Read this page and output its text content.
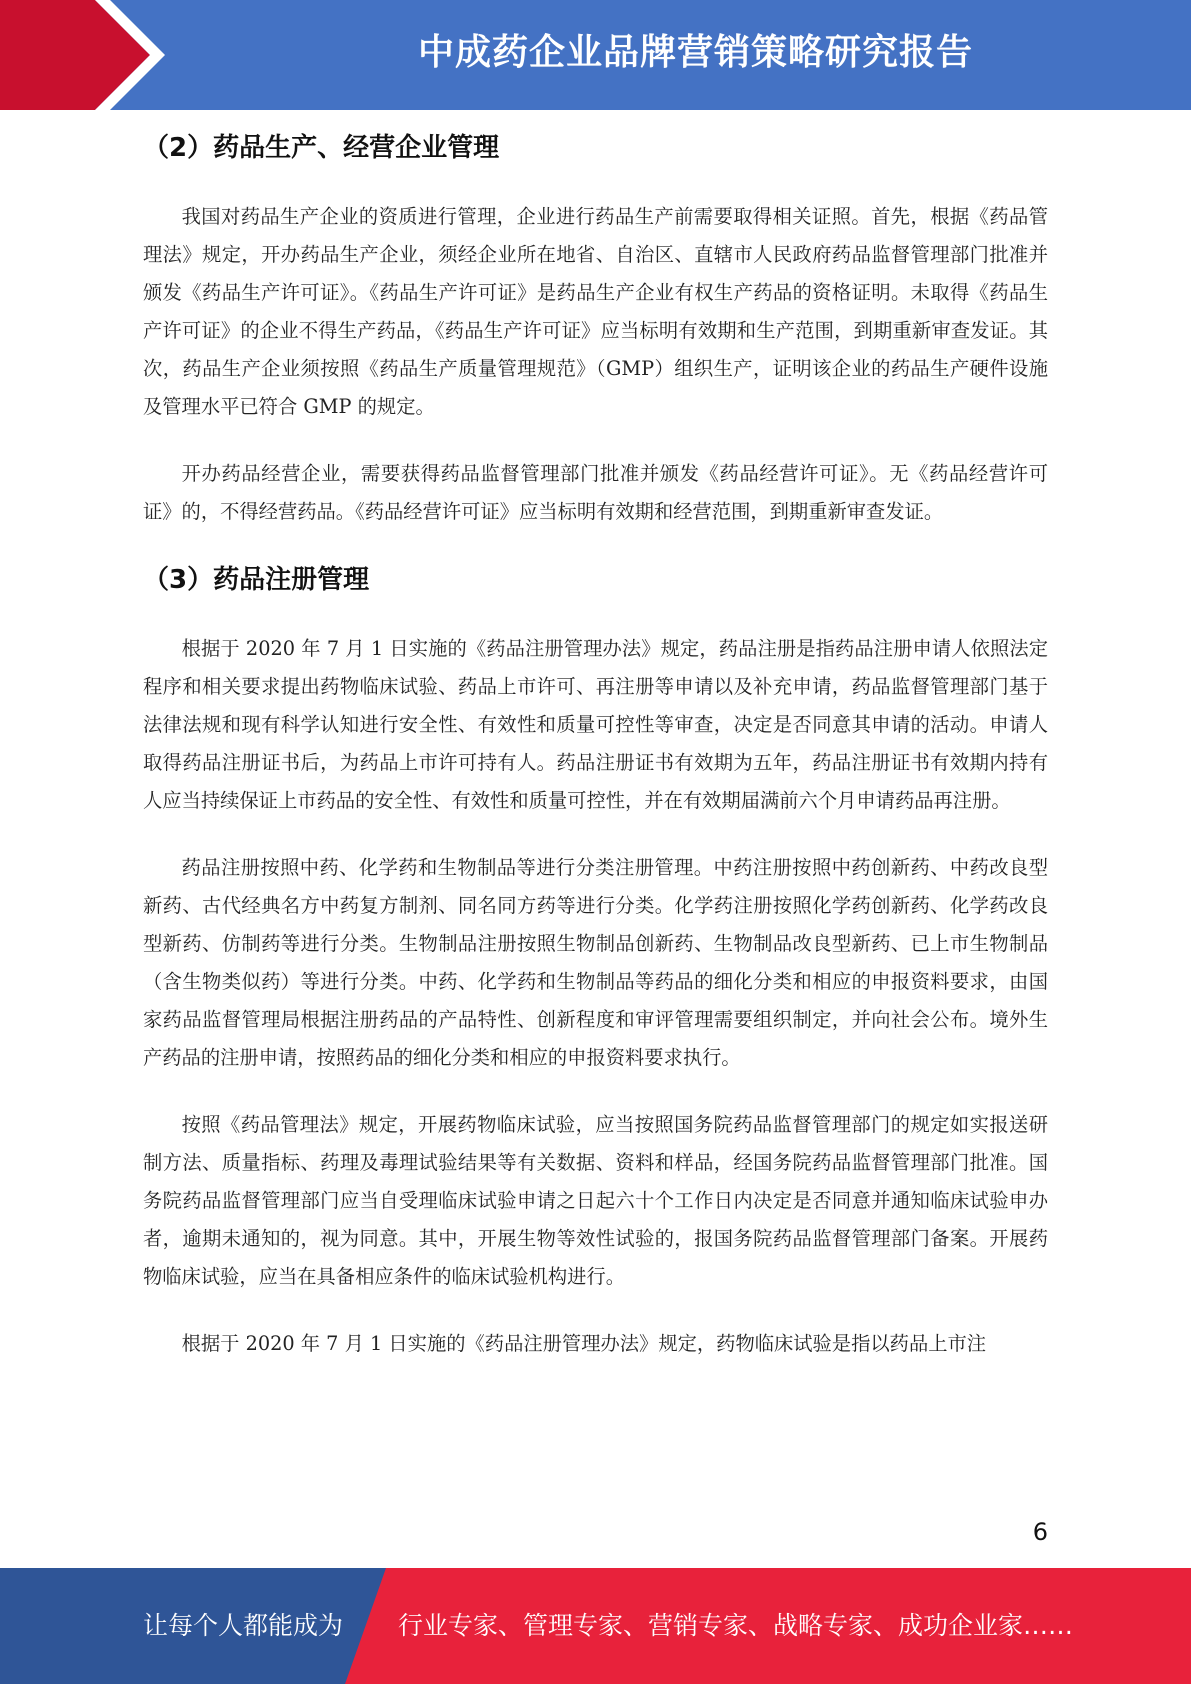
中成药企业品牌营销策略研究报告
（2）药品生产、经营企业管理

我国对药品生产企业的资质进行管理，企业进行药品生产前需要取得相关证照。首先，根据《药品管理法》规定，开办药品生产企业，须经企业所在地省、自治区、直辖市人民政府药品监督管理部门批准并颁发《药品生产许可证》。《药品生产许可证》是药品生产企业有权生产药品的资格证明。未取得《药品生产许可证》的企业不得生产药品，《药品生产许可证》应当标明有效期和生产范围，到期重新审查发证。其次，药品生产企业须按照《药品生产质量管理规范》（GMP）组织生产，证明该企业的药品生产硬件设施及管理水平已符合 GMP 的规定。

开办药品经营企业，需要获得药品监督管理部门批准并颁发《药品经营许可证》。无《药品经营许可证》的，不得经营药品。《药品经营许可证》应当标明有效期和经营范围，到期重新审查发证。

（3）药品注册管理

根据于 2020 年 7 月 1 日实施的《药品注册管理办法》规定，药品注册是指药品注册申请人依照法定程序和相关要求提出药物临床试验、药品上市许可、再注册等申请以及补充申请，药品监督管理部门基于法律法规和现有科学认知进行安全性、有效性和质量可控性等审查，决定是否同意其申请的活动。申请人取得药品注册证书后，为药品上市许可持有人。药品注册证书有效期为五年，药品注册证书有效期内持有人应当持续保证上市药品的安全性、有效性和质量可控性，并在有效期届满前六个月申请药品再注册。

药品注册按照中药、化学药和生物制品等进行分类注册管理。中药注册按照中药创新药、中药改良型新药、古代经典名方中药复方制剂、同名同方药等进行分类。化学药注册按照化学药创新药、化学药改良型新药、仿制药等进行分类。生物制品注册按照生物制品创新药、生物制品改良型新药、已上市生物制品（含生物类似药）等进行分类。中药、化学药和生物制品等药品的细化分类和相应的申报资料要求，由国家药品监督管理局根据注册药品的产品特性、创新程度和审评管理需要组织制定，并向社会公布。境外生产药品的注册申请，按照药品的细化分类和相应的申报资料要求执行。

按照《药品管理法》规定，开展药物临床试验，应当按照国务院药品监督管理部门的规定如实报送研制方法、质量指标、药理及毒理试验结果等有关数据、资料和样品，经国务院药品监督管理部门批准。国务院药品监督管理部门应当自受理临床试验申请之日起六十个工作日内决定是否同意并通知临床试验申办者，逾期未通知的，视为同意。其中，开展生物等效性试验的，报国务院药品监督管理部门备案。开展药物临床试验，应当在具备相应条件的临床试验机构进行。

根据于 2020 年 7 月 1 日实施的《药品注册管理办法》规定，药物临床试验是指以药品上市注

6
让每个人都能成为 行业专家、管理专家、营销专家、战略专家、成功企业家……
